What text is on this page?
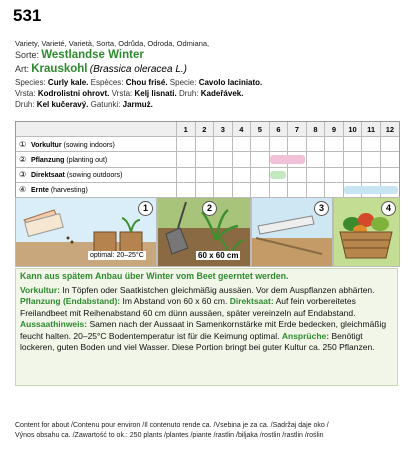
531
Variety, Varieté, Varietà, Sorta, Odrůda, Odroda, Odmiana,
Sorte: Westlandse Winter
Art: Krauskohl (Brassica oleracea L.)
Species: Curly kale. Espèces: Chou frisé. Specie: Cavolo laciniato.
Vrsta: Kodrolistni ohrovt. Vrsta: Kelj lisnati. Druh: Kadeřávek.
Druh: Kel kučeravý. Gatunki: Jarmuż.
	1	2	3	4	5	6	7	8	9	10	11	12
① Vorkultur (sowing indoors)												
② Pflanzung (planting out)						

③ Direktsaat (sowing outdoors)						

④ Ernte (harvesting)										

1
optimal: 20–25°C
2
60 x 60 cm
3	4
Kann aus spätem Anbau über Winter vom Beet geerntet werden.
Vorkultur: In Töpfen oder Saatkistchen gleichmäßig aussäen. Vor dem Auspflanzen abhärten. Pflanzung (Endabstand): Im Abstand von 60 x 60 cm. Direktsaat: Auf fein vorbereitetes Freilandbeet mit Reihenabstand 60 cm dünn aussäen, später vereinzeln auf Endabstand. Aussaathinweis: Samen nach der Aussaat in Samenkornstärke mit Erde bedecken, gleichmäßig feucht halten. 20–25°C Bodentemperatur ist für die Keimung optimal. Ansprüche: Benötigt lockeren, guten Boden und viel Wasser. Diese Portion bringt bei guter Kultur ca. 250 Pflanzen.
Content for about /Contenu pour environ /Il contenuto rende ca. /Vsebina je za ca. /Sadržaj daje oko /
Výnos obsahu ca. /Zawartość to ok.: 250 plants /plantes /piante /rastlin /biljaka /rostlin /rastlin /roślin
